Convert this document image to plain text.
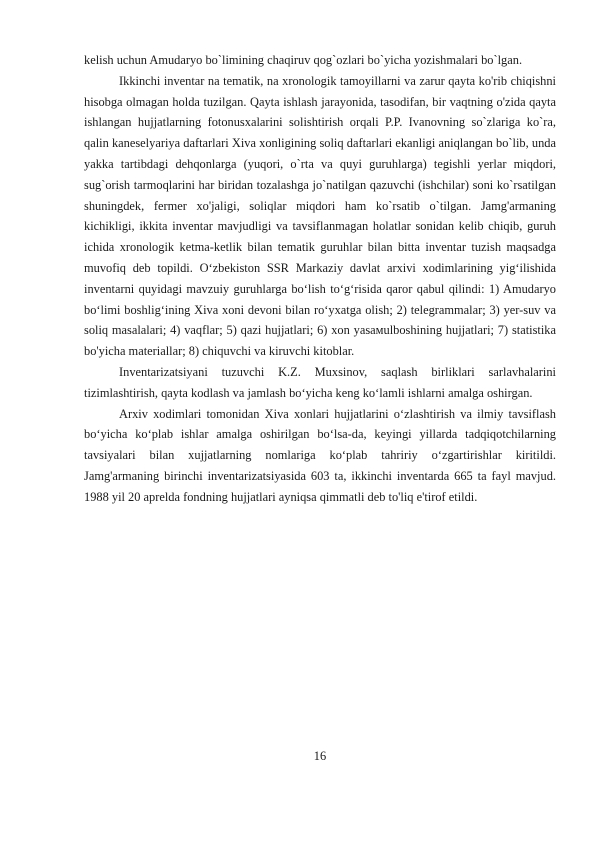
kelish uchun Amudaryo bo`limining chaqiruv qog`ozlari bo`yicha yozishmalari bo`lgan.

Ikkinchi inventar na tematik, na xronologik tamoyillarni va zarur qayta ko'rib chiqishni hisobga olmagan holda tuzilgan. Qayta ishlash jarayonida, tasodifan, bir vaqtning o'zida qayta ishlangan hujjatlarning fotonusxalarini solishtirish orqali P.P. Ivanovning so`zlariga ko`ra, qalin kaneselyariya daftarlari Xiva xonligining soliq daftarlari ekanligi aniqlangan bo`lib, unda yakka tartibdagi dehqonlarga (yuqori, o`rta va quyi guruhlarga) tegishli yerlar miqdori, sug`orish tarmoqlarini har biridan tozalashga jo`natilgan qazuvchi (ishchilar) soni ko`rsatilgan shuningdek, fermer xo'jaligi, soliqlar miqdori ham ko`rsatib o`tilgan. Jamg'armaning kichikligi, ikkita inventar mavjudligi va tavsiflanmagan holatlar sonidan kelib chiqib, guruh ichida xronologik ketma-ketlik bilan tematik guruhlar bilan bitta inventar tuzish maqsadga muvofiq deb topildi. O‘zbekiston SSR Markaziy davlat arxivi xodimlarining yig‘ilishida inventarni quyidagi mavzuiy guruhlarga bo‘lish to‘g‘risida qaror qabul qilindi: 1) Amudaryo bo‘limi boshlig‘ining Xiva xoni devoni bilan ro‘yxatga olish; 2) telegrammalar; 3) yer-suv va soliq masalalari; 4) vaqflar; 5) qazi hujjatlari; 6) xon yasaмulboshining hujjatlari; 7) statistika bo'yicha materiallar; 8) chiquvchi va kiruvchi kitoblar.

Inventarizatsiyani tuzuvchi K.Z. Muxsinov, saqlash birliklari sarlavhalarini tizimlashtirish, qayta kodlash va jamlash bo‘yicha keng ko‘lamli ishlarni amalga oshirgan.

Arxiv xodimlari tomonidan Xiva xonlari hujjatlarini o‘zlashtirish va ilmiy tavsiflash bo‘yicha ko‘plab ishlar amalga oshirilgan bo‘lsa-da, keyingi yillarda tadqiqotchilarning tavsiyalari bilan xujjatlarning nomlariga ko‘plab tahririy o‘zgartirishlar kiritildi. Jamg'armaning birinchi inventarizatsiyasida 603 ta, ikkinchi inventarda 665 ta fayl mavjud. 1988 yil 20 aprelda fondning hujjatlari ayniqsa qimmatli deb to'liq e'tirof etildi.

16
